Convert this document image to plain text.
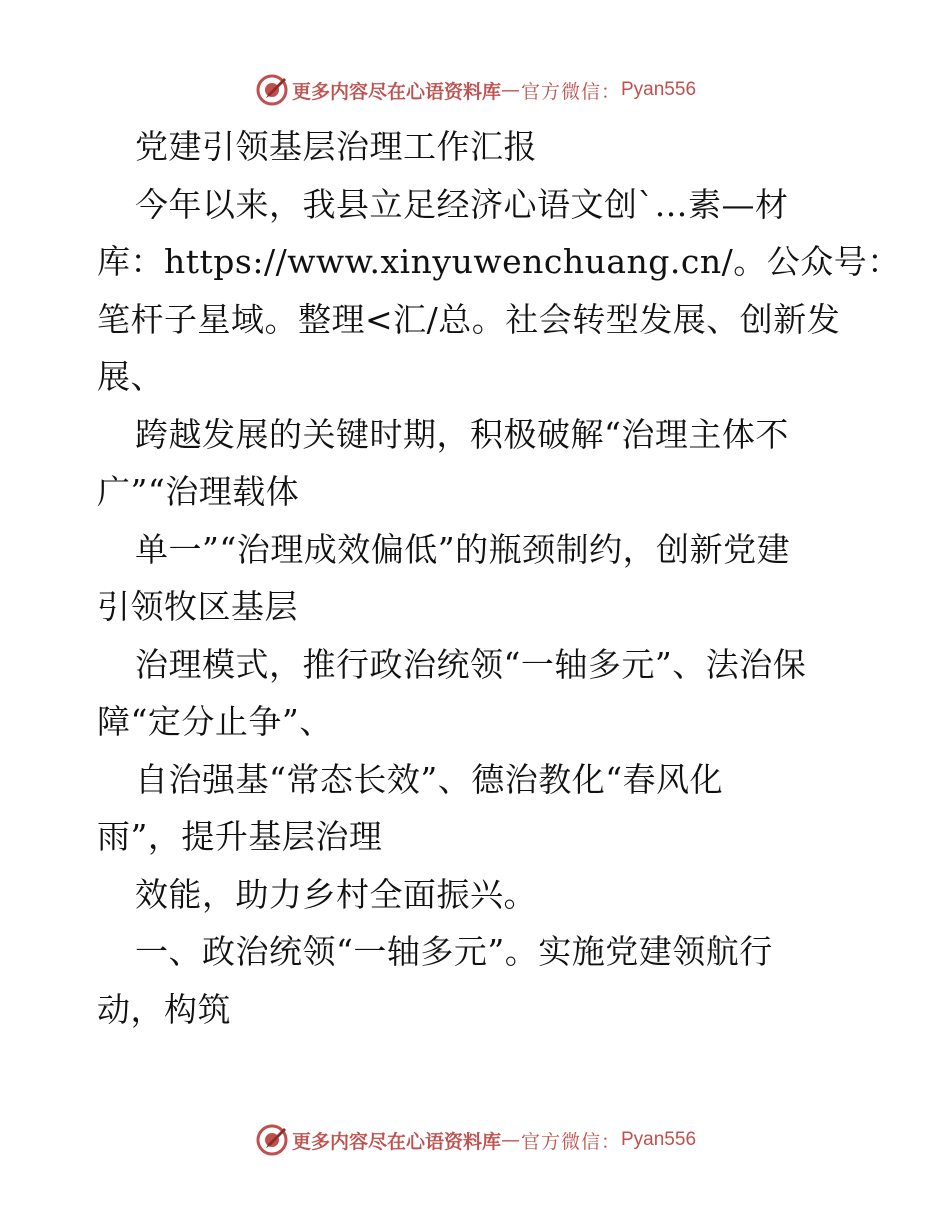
更多内容尽在心语资料库 — 官方微信： Pyan556
党建引领基层治理工作汇报
今年以来，我县立足经济心语文创`…素—材
库：https://www.xinyuwenchuang.cn/。公众号：
笔杆子星域。整理<汇/总。社会转型发展、创新发
展、
跨越发展的关键时期，积极破解“治理主体不
广”“治理载体
单一”“治理成效偏低”的瓶颈制约，创新党建
引领牧区基层
治理模式，推行政治统领“一轴多元”、法治保
障“定分止争”、
自治强基“常态长效”、德治教化“春风化
雨”，提升基层治理
效能，助力乡村全面振兴。
一、政治统领“一轴多元”。实施党建领航行
动，构筑
更多内容尽在心语资料库 — 官方微信： Pyan556
